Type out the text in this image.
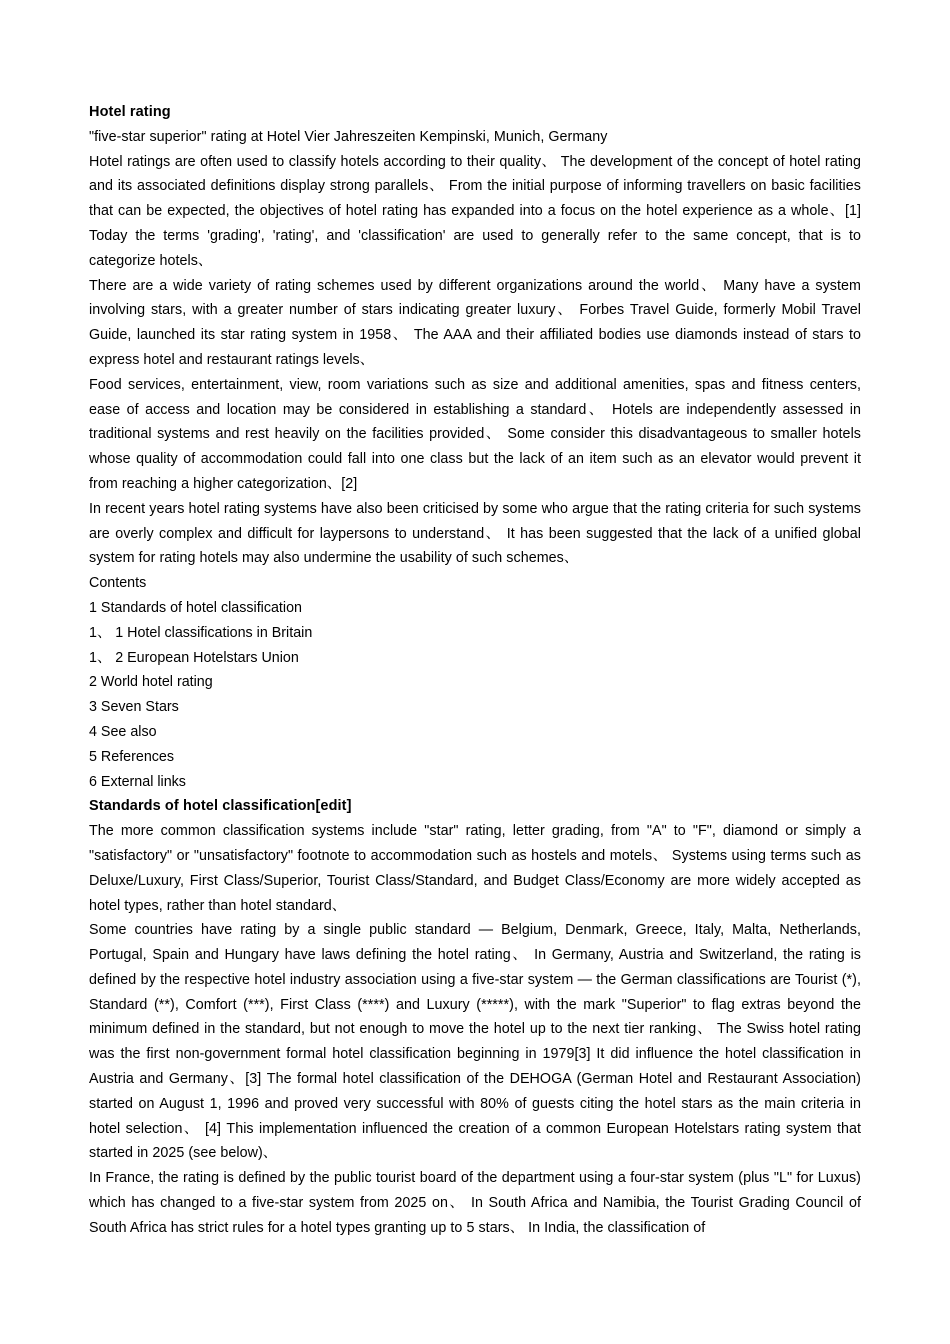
Hotel rating
"five-star superior" rating at Hotel Vier Jahreszeiten Kempinski, Munich, Germany
Hotel ratings are often used to classify hotels according to their quality、 The development of the concept of hotel rating and its associated definitions display strong parallels、 From the initial purpose of informing travellers on basic facilities that can be expected, the objectives of hotel rating has expanded into a focus on the hotel experience as a whole、[1] Today the terms 'grading', 'rating', and 'classification' are used to generally refer to the same concept, that is to categorize hotels、
There are a wide variety of rating schemes used by different organizations around the world、 Many have a system involving stars, with a greater number of stars indicating greater luxury、 Forbes Travel Guide, formerly Mobil Travel Guide, launched its star rating system in 1958、 The AAA and their affiliated bodies use diamonds instead of stars to express hotel and restaurant ratings levels、
Food services, entertainment, view, room variations such as size and additional amenities, spas and fitness centers, ease of access and location may be considered in establishing a standard、 Hotels are independently assessed in traditional systems and rest heavily on the facilities provided、 Some consider this disadvantageous to smaller hotels whose quality of accommodation could fall into one class but the lack of an item such as an elevator would prevent it from reaching a higher categorization、[2]
In recent years hotel rating systems have also been criticised by some who argue that the rating criteria for such systems are overly complex and difficult for laypersons to understand、 It has been suggested that the lack of a unified global system for rating hotels may also undermine the usability of such schemes、
Contents
1 Standards of hotel classification
1、 1 Hotel classifications in Britain
1、 2 European Hotelstars Union
2 World hotel rating
3 Seven Stars
4 See also
5 References
6 External links
Standards of hotel classification[edit]
The more common classification systems include "star" rating, letter grading, from "A" to "F", diamond or simply a "satisfactory" or "unsatisfactory" footnote to accommodation such as hostels and motels、 Systems using terms such as Deluxe/Luxury, First Class/Superior, Tourist Class/Standard, and Budget Class/Economy are more widely accepted as hotel types, rather than hotel standard、
Some countries have rating by a single public standard — Belgium, Denmark, Greece, Italy, Malta, Netherlands, Portugal, Spain and Hungary have laws defining the hotel rating、 In Germany, Austria and Switzerland, the rating is defined by the respective hotel industry association using a five-star system — the German classifications are Tourist (*), Standard (**), Comfort (***), First Class (****) and Luxury (*****), with the mark "Superior" to flag extras beyond the minimum defined in the standard, but not enough to move the hotel up to the next tier ranking、 The Swiss hotel rating was the first non-government formal hotel classification beginning in 1979[3] It did influence the hotel classification in Austria and Germany、[3] The formal hotel classification of the DEHOGA (German Hotel and Restaurant Association) started on August 1, 1996 and proved very successful with 80% of guests citing the hotel stars as the main criteria in hotel selection、 [4] This implementation influenced the creation of a common European Hotelstars rating system that started in 2025 (see below)、
In France, the rating is defined by the public tourist board of the department using a four-star system (plus "L" for Luxus) which has changed to a five-star system from 2025 on、 In South Africa and Namibia, the Tourist Grading Council of South Africa has strict rules for a hotel types granting up to 5 stars、 In India, the classification of
